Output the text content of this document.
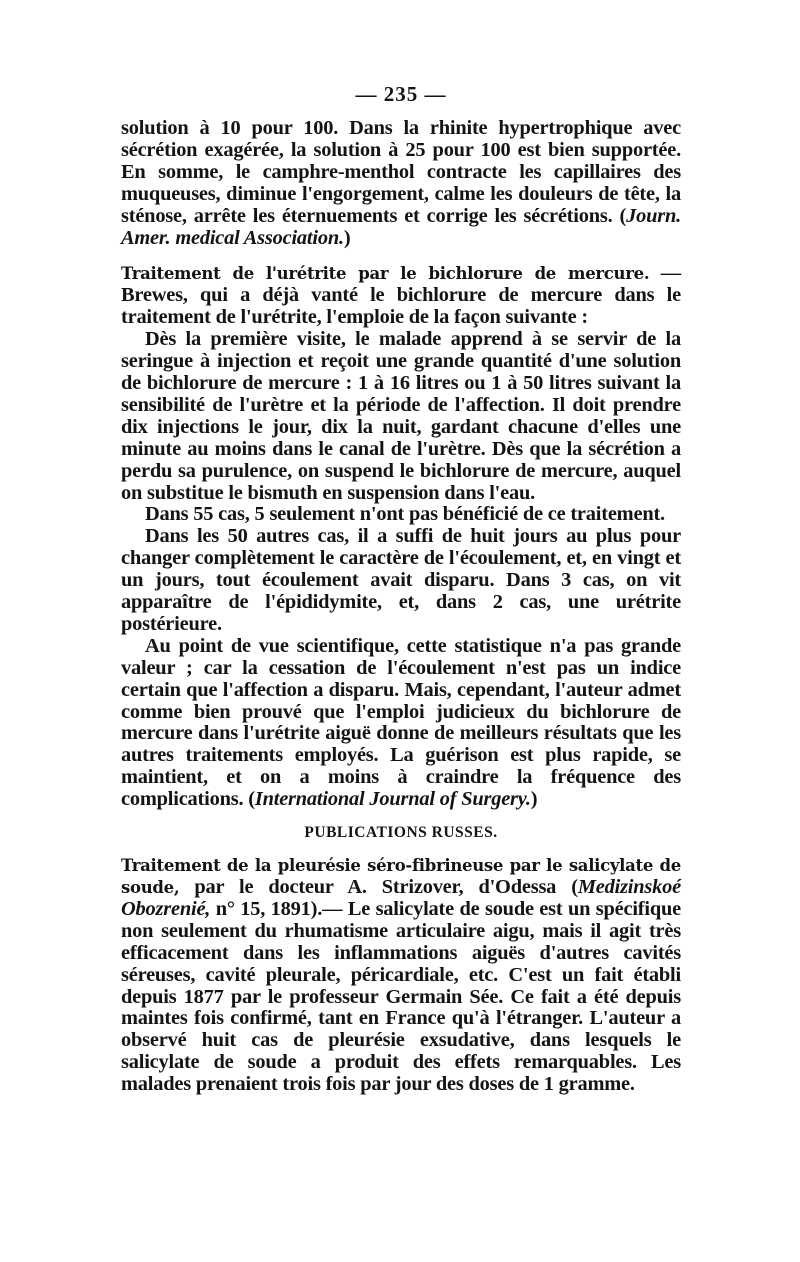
— 235 —

solution à 10 pour 100. Dans la rhinite hypertrophique avec sécrétion exagérée, la solution à 25 pour 100 est bien supportée. En somme, le camphre-menthol contracte les capillaires des muqueuses, diminue l'engorgement, calme les douleurs de tête, la sténose, arrête les éternuements et corrige les sécrétions. (Journ. Amer. medical Association.)

Traitement de l'urétrite par le bichlorure de mercure. — Brewes, qui a déjà vanté le bichlorure de mercure dans le traitement de l'urétrite, l'emploie de la façon suivante :

Dès la première visite, le malade apprend à se servir de la seringue à injection et reçoit une grande quantité d'une solution de bichlorure de mercure : 1 à 16 litres ou 1 à 50 litres suivant la sensibilité de l'urètre et la période de l'affection. Il doit prendre dix injections le jour, dix la nuit, gardant chacune d'elles une minute au moins dans le canal de l'urètre. Dès que la sécrétion a perdu sa purulence, on suspend le bichlorure de mercure, auquel on substitue le bismuth en suspension dans l'eau.

Dans 55 cas, 5 seulement n'ont pas bénéficié de ce traitement.

Dans les 50 autres cas, il a suffi de huit jours au plus pour changer complètement le caractère de l'écoulement, et, en vingt et un jours, tout écoulement avait disparu. Dans 3 cas, on vit apparaître de l'épididymite, et, dans 2 cas, une urétrite postérieure.

Au point de vue scientifique, cette statistique n'a pas grande valeur ; car la cessation de l'écoulement n'est pas un indice certain que l'affection a disparu. Mais, cependant, l'auteur admet comme bien prouvé que l'emploi judicieux du bichlorure de mercure dans l'urétrite aiguë donne de meilleurs résultats que les autres traitements employés. La guérison est plus rapide, se maintient, et on a moins à craindre la fréquence des complications. (International Journal of Surgery.)

PUBLICATIONS RUSSES.

Traitement de la pleurésie séro-fibrineuse par le salicylate de soude, par le docteur A. Strizover, d'Odessa (Medizinskoé Obozrenié, n° 15, 1891).— Le salicylate de soude est un spécifique non seulement du rhumatisme articulaire aigu, mais il agit très efficacement dans les inflammations aiguës d'autres cavités séreuses, cavité pleurale, péricardiale, etc. C'est un fait établi depuis 1877 par le professeur Germain Sée. Ce fait a été depuis maintes fois confirmé, tant en France qu'à l'étranger. L'auteur a observé huit cas de pleurésie exsudative, dans lesquels le salicylate de soude a produit des effets remarquables. Les malades prenaient trois fois par jour des doses de 1 gramme.
